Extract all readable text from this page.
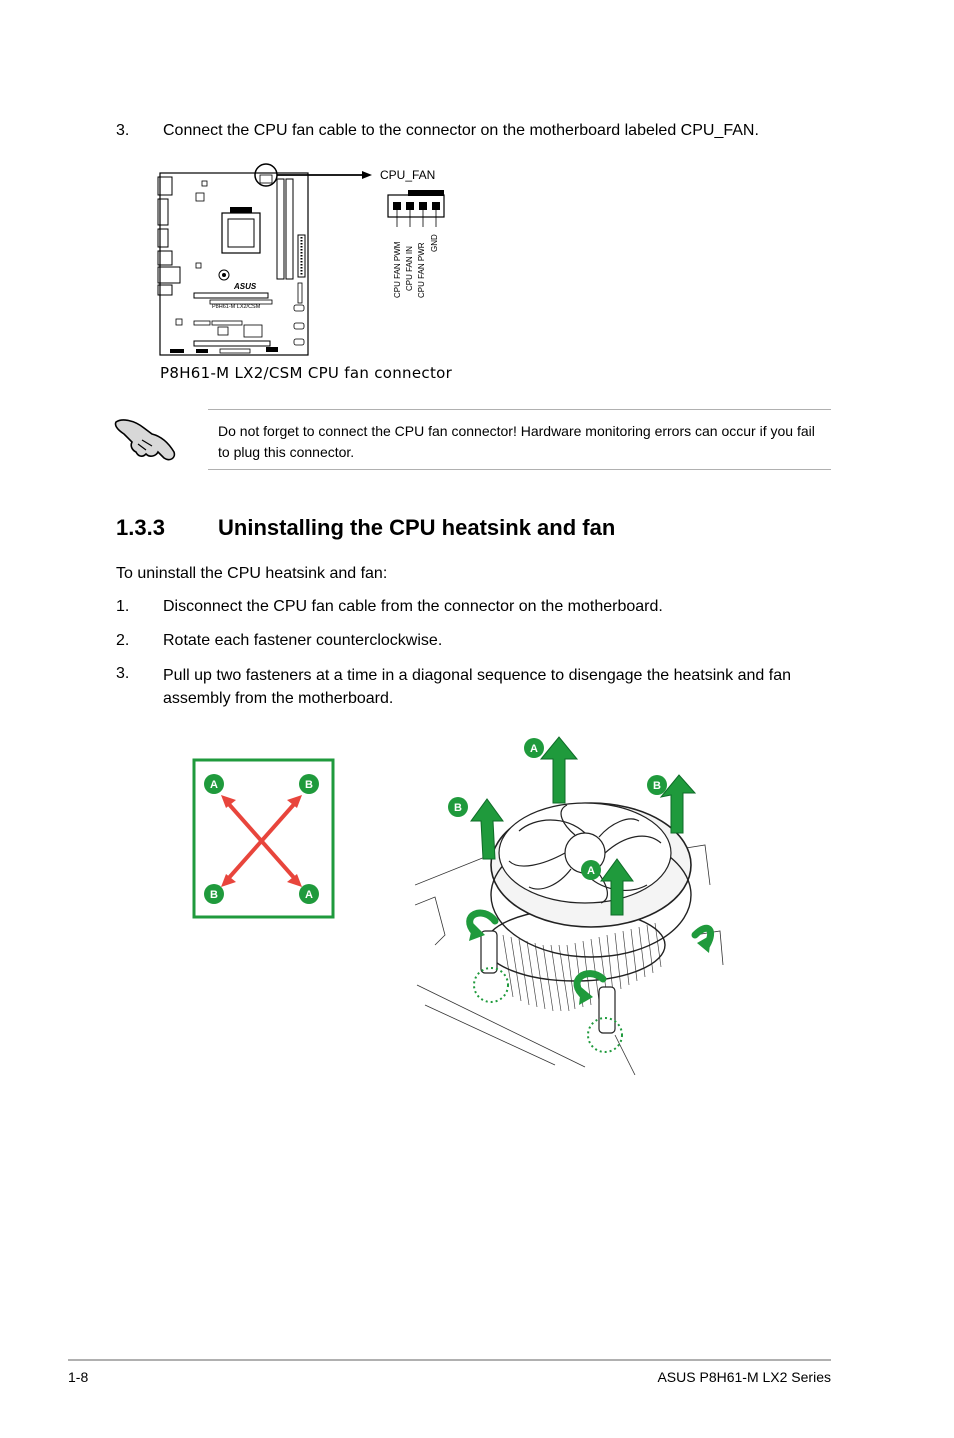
3. Connect the CPU fan cable to the connector on the motherboard labeled CPU_FAN.
ASUS
P8H61-M LX2/CSM
CPU_FAN
CPU FAN PWM CPU FAN IN CPU FAN PWR GND
P8H61-M LX2/CSM CPU fan connector
Do not forget to connect the CPU fan connector! Hardware monitoring errors can occur if you fail to plug this connector.
1.3.3 Uninstalling the CPU heatsink and fan
To uninstall the CPU heatsink and fan:
1. Disconnect the CPU fan cable from the connector on the motherboard.
2. Rotate each fastener counterclockwise.
3. Pull up two fasteners at a time in a diagonal sequence to disengage the heatsink and fan assembly from the motherboard.
A	B
B	A
A
B
B
A
1-8	ASUS P8H61-M LX2 Series
